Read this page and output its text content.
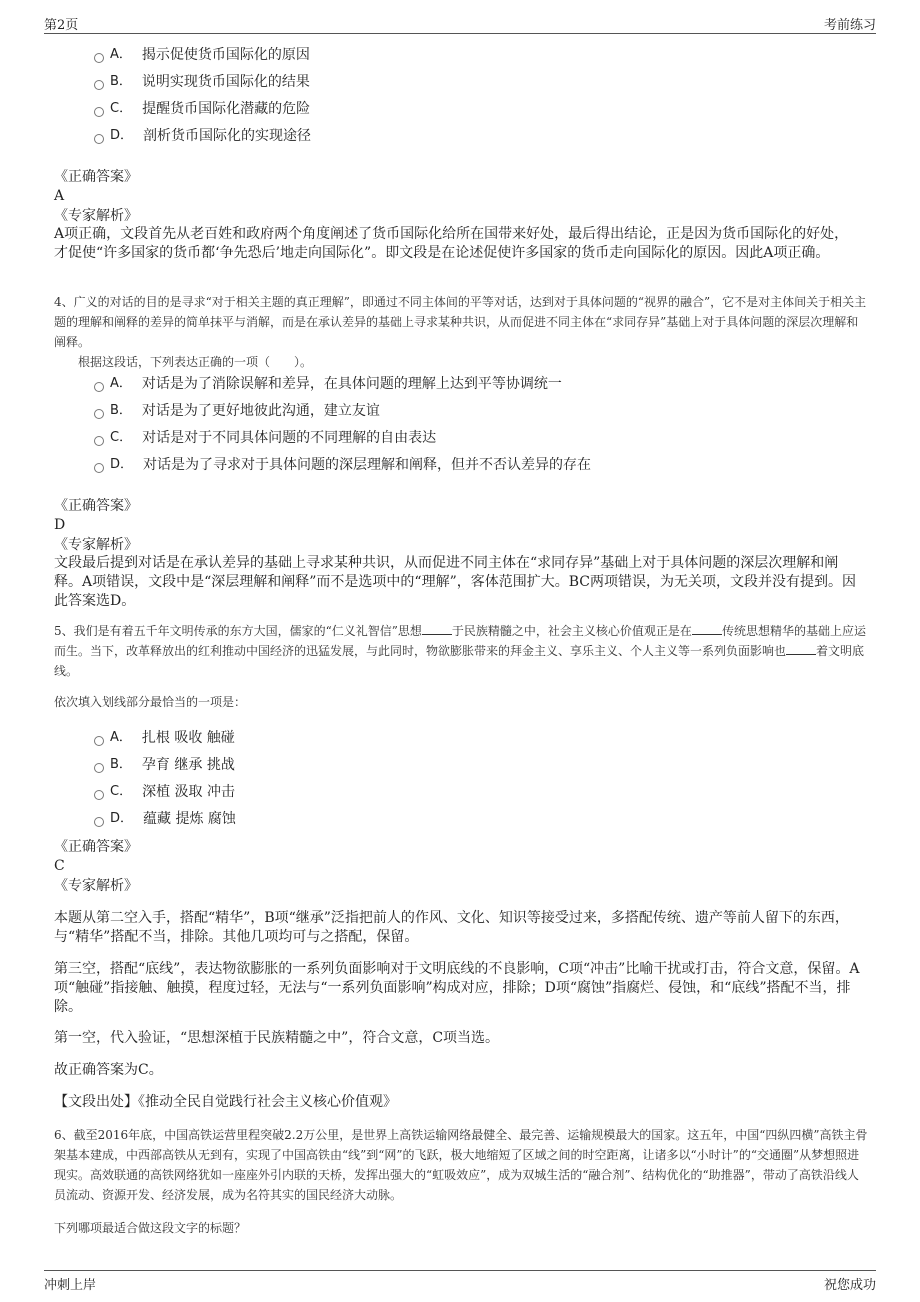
第2页	考前练习
A． 揭示促使货币国际化的原因
B． 说明实现货币国际化的结果
C． 提醒货币国际化潜藏的危险
D． 剖析货币国际化的实现途径
《正确答案》
A
《专家解析》
A项正确，文段首先从老百姓和政府两个角度阐述了货币国际化给所在国带来好处，最后得出结论，正是因为货币国际化的好处，才促使“许多国家的货币都‘争先恐后’地走向国际化”。即文段是在论述促使许多国家的货币走向国际化的原因。因此A项正确。
4、广义的对话的目的是寻求“对于相关主题的真正理解”，即通过不同主体间的平等对话，达到对于具体问题的“视界的融合”，它不是对主体间关于相关主题的理解和阐释的差异的简单抹平与消解，而是在承认差异的基础上寻求某种共识，从而促进不同主体在“求同存异”基础上对于具体问题的深层次理解和阐释。
根据这段话，下列表达正确的一项（　　）。
A． 对话是为了消除误解和差异，在具体问题的理解上达到平等协调统一
B． 对话是为了更好地彼此沟通，建立友谊
C． 对话是对于不同具体问题的不同理解的自由表达
D． 对话是为了寻求对于具体问题的深层理解和阐释，但并不否认差异的存在
《正确答案》
D
《专家解析》
文段最后提到对话是在承认差异的基础上寻求某种共识，从而促进不同主体在“求同存异”基础上对于具体问题的深层次理解和阐释。A项错误，文段中是“深层理解和阐释”而不是选项中的“理解”，客体范围扩大。BC两项错误，为无关项，文段并没有提到。因此答案选D。
5、我们是有着五千年文明传承的东方大国，儒家的“仁义礼智信”思想	于民族精髓之中，社会主义核心价值观正是在	传统思想精华的基础上应运而生。当下，改革释放出的红利推动中国经济的迅猛发展，与此同时，物欲膨胀带来的拜金主义、享乐主义、个人主义等一系列负面影响也	着文明底线。
依次填入划线部分最恰当的一项是：
A． 扎根 吸收 触碰
B． 孕育 继承 挑战
C． 深植 汲取 冲击
D． 蕴藏 提炼 腐蚀
《正确答案》
C
《专家解析》
本题从第二空入手，搭配“精华”，B项“继承”泛指把前人的作风、文化、知识等接受过来，多搭配传统、遗产等前人留下的东西，与“精华”搭配不当，排除。其他几项均可与之搭配，保留。
第三空，搭配“底线”，表达物欲膨胀的一系列负面影响对于文明底线的不良影响，C项“冲击”比喻干扰或打击，符合文意，保留。A项“触碰”指接触、触摸，程度过轻，无法与“一系列负面影响”构成对应，排除；D项“腐蚀”指腐烂、侵蚀，和“底线”搭配不当，排除。
第一空，代入验证，“思想深植于民族精髓之中”，符合文意，C项当选。
故正确答案为C。
【文段出处】《推动全民自觉践行社会主义核心价值观》
6、截至2016年底，中国高铁运营里程突破2.2万公里，是世界上高铁运输网络最健全、最完善、运输规模最大的国家。这五年，中国“四纵四横”高铁主骨架基本建成，中西部高铁从无到有，实现了中国高铁由“线”到“网”的飞跃，极大地缩短了区域之间的时空距离，让诸多以“小时计”的“交通圈”从梦想照进现实。高效联通的高铁网络犹如一座座外引内联的天桥，发挥出强大的“虹吸效应”，成为双城生活的“融合剂”、结构优化的“助推器”，带动了高铁沿线人员流动、资源开发、经济发展，成为名符其实的国民经济大动脉。
下列哪项最适合做这段文字的标题？
冲刺上岸	祝您成功
